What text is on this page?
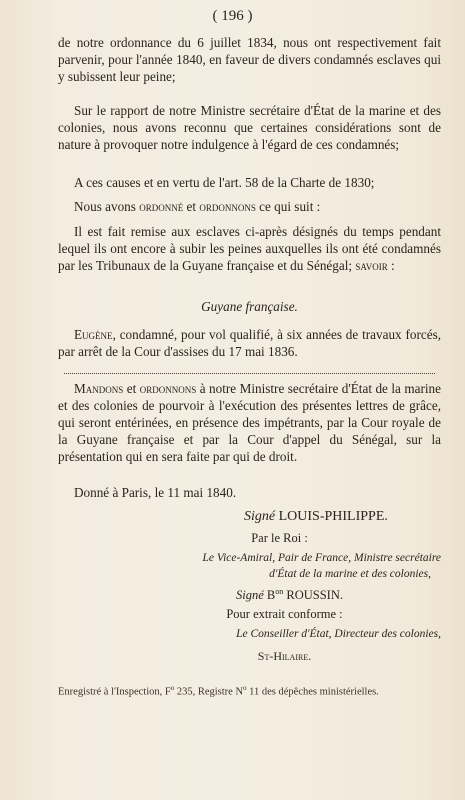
( 196 )

de notre ordonnance du 6 juillet 1834, nous ont respectivement fait parvenir, pour l'année 1840, en faveur de divers condamnés esclaves qui y subissent leur peine;

Sur le rapport de notre Ministre secrétaire d'État de la marine et des colonies, nous avons reconnu que certaines considérations sont de nature à provoquer notre indulgence à l'égard de ces condamnés;

A ces causes et en vertu de l'art. 58 de la Charte de 1830;

Nous avons ordonné et ordonnons ce qui suit :

Il est fait remise aux esclaves ci-après désignés du temps pendant lequel ils ont encore à subir les peines auxquelles ils ont été condamnés par les Tribunaux de la Guyane française et du Sénégal; savoir :

Guyane française.

Eugène, condamné, pour vol qualifié, à six années de travaux forcés, par arrêt de la Cour d'assises du 17 mai 1836.

Mandons et ordonnons à notre Ministre secrétaire d'État de la marine et des colonies de pourvoir à l'exécution des présentes lettres de grâce, qui seront entérinées, en présence des impétrants, par la Cour royale de la Guyane française et par la Cour d'appel du Sénégal, sur la présentation qui en sera faite par qui de droit.

Donné à Paris, le 11 mai 1840.

Signé LOUIS-PHILIPPE.

Par le Roi :

Le Vice-Amiral, Pair de France, Ministre secrétaire

d'État de la marine et des colonies,

Signé $B^{on}$ ROUSSIN.

Pour extrait conforme :

Le Conseiller d'État, Directeur des colonies,

St-Hilaire.

Enregistré à l'Inspection, $F^o$ 235, Registre $N^o$ 11 des dépêches ministérielles.
